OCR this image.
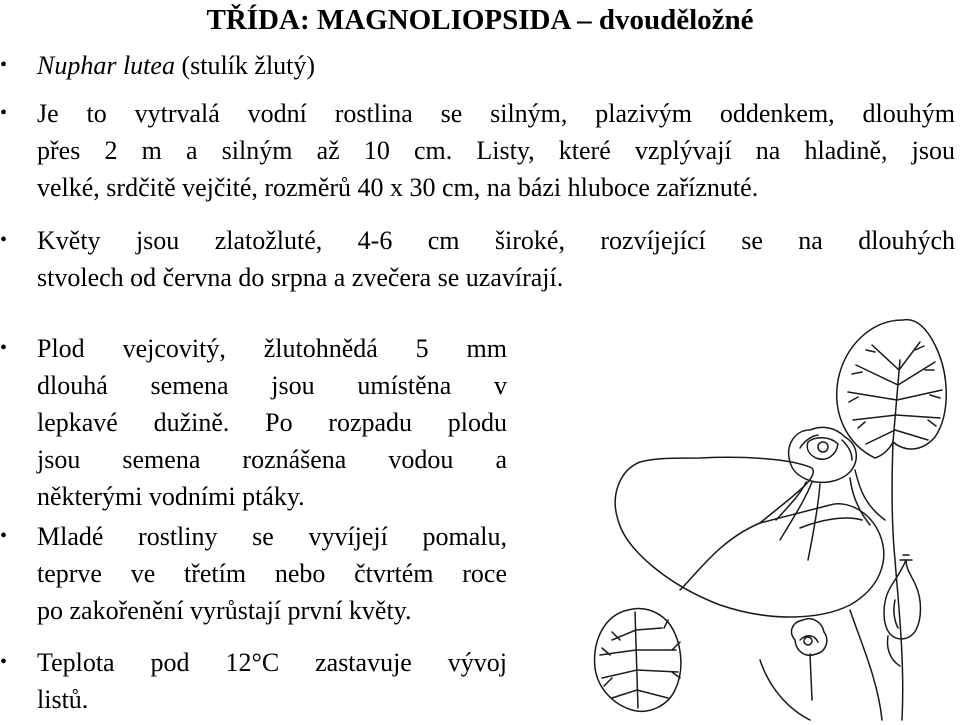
TŘÍDA: MAGNOLIOPSIDA – dvouděložné
• Nuphar lutea (stulík žlutý)
• Je to vytrvalá vodní rostlina se silným, plazivým oddenkem, dlouhým
přes 2 m a silným až 10 cm. Listy, které vzplývají na hladině, jsou
velké, srdčitě vejčité, rozměrů 40 x 30 cm, na bázi hluboce zaříznuté.
• Květy jsou zlatožluté, 4-6 cm široké, rozvíjející se na dlouhých
stvolech od června do srpna a zvečera se uzavírají.
• Plod vejcovitý, žlutohnědá 5 mm
dlouhá semena jsou umístěna v
lepkavé dužině. Po rozpadu plodu
jsou semena roznášena vodou a
některými vodními ptáky.
• Mladé rostliny se vyvíjejí pomalu,
teprve ve třetím nebo čtvrtém roce
po zakořenění vyrůstají první květy.
• Teplota pod 12°C zastavuje vývoj
listů.
